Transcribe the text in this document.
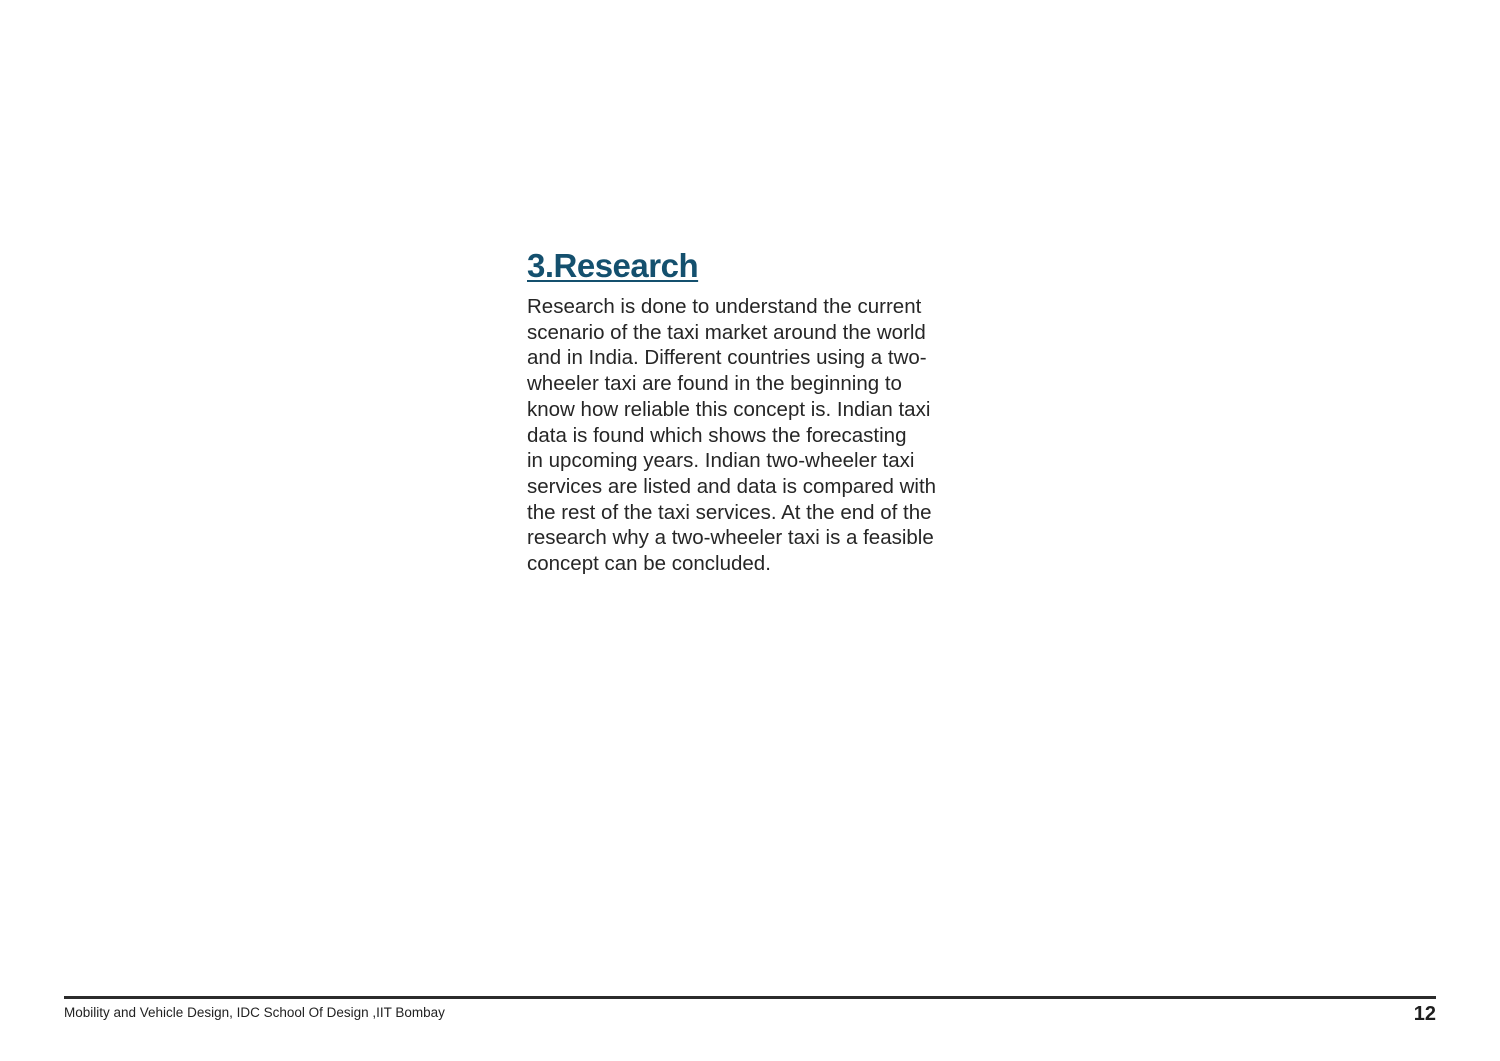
3.Research

Research is done to understand the current
scenario of the taxi market around the world
and in India. Different countries using a two-
wheeler taxi are found in the beginning to
know how reliable this concept is. Indian taxi
data is found which shows the forecasting
in upcoming years. Indian two-wheeler taxi
services are listed and data is compared with
the rest of the taxi services. At the end of the
research why a two-wheeler taxi is a feasible
concept can be concluded.

Mobility and Vehicle Design, IDC School Of Design ,IIT Bombay	12
